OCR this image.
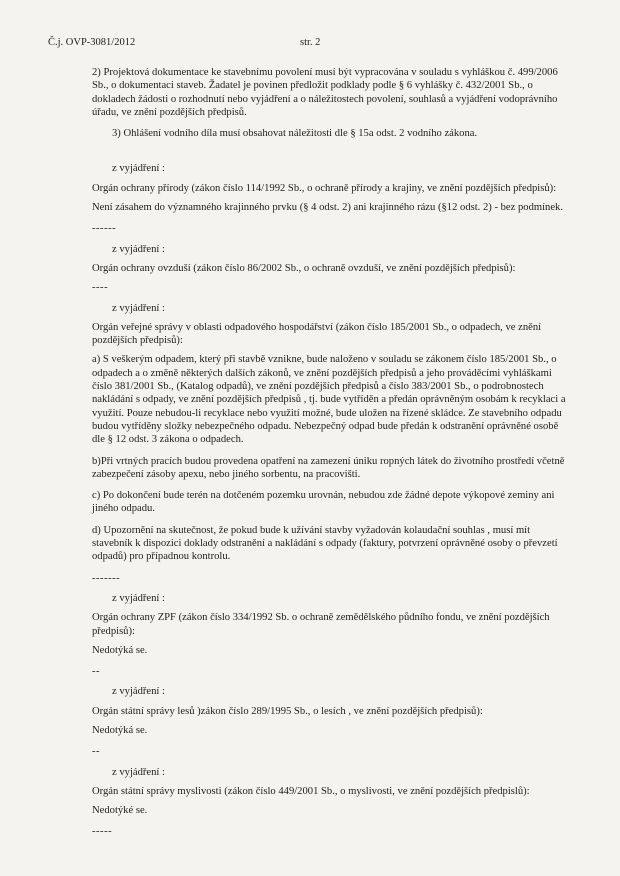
Č.j. OVP-3081/2012	str. 2

2) Projektová dokumentace ke stavebnímu povolení musí být vypracována v souladu s vyhláškou č. 499/2006 Sb., o dokumentaci staveb. Žadatel je povinen předložit podklady podle § 6 vyhlášky č. 432/2001 Sb., o dokladech žádosti o rozhodnutí nebo vyjádření a o náležitostech povolení, souhlasů a vyjádření vodoprávního úřadu, ve znění pozdějších předpisů.

3) Ohlášení vodního díla musí obsahovat náležitosti dle § 15a odst. 2 vodního zákona.

z vyjádření :
Orgán ochrany přírody (zákon číslo 114/1992 Sb., o ochraně přírody a krajiny, ve znění pozdějších předpisů):
Není zásahem do významného krajinného prvku (§ 4 odst. 2) ani krajinného rázu (§12 odst. 2) - bez podmínek.
------
z vyjádření :
Orgán ochrany ovzduší (zákon číslo 86/2002 Sb., o ochraně ovzduší, ve znění pozdějších předpisů):
----
z vyjádření :
Orgán veřejné správy v oblasti odpadového hospodářství (zákon číslo 185/2001 Sb., o odpadech, ve znění pozdějších předpisů):
a) S veškerým odpadem, který při stavbě vznikne, bude naloženo v souladu se zákonem číslo 185/2001 Sb., o odpadech a o změně některých dalších zákonů, ve znění pozdějších předpisů a jeho prováděcími vyhláškami číslo 381/2001 Sb., (Katalog odpadů), ve znění pozdějších předpisů a číslo 383/2001 Sb., o podrobnostech nakládání s odpady, ve znění pozdějších předpisů , tj. bude vytříděn a předán oprávněným osobám k recyklaci a využití. Pouze nebudou-li recyklace nebo využití možné, bude uložen na řízené skládce. Ze stavebního odpadu budou vytříděny složky nebezpečného odpadu. Nebezpečný odpad bude předán k odstranění oprávněné osobě dle § 12 odst. 3 zákona o odpadech.
b)Při vrtných pracích budou provedena opatření na zamezení úniku ropných látek do životního prostředí včetně zabezpečení zásoby apexu, nebo jiného sorbentu, na pracovišti.
c) Po dokončení bude terén na dotčeném pozemku urovnán, nebudou zde žádné depote výkopové zeminy ani jiného odpadu.
d) Upozornění na skutečnost, že pokud bude k užívání stavby vyžadován kolaudační souhlas , musí mít stavebník k dispozici doklady odstranění a nakládání s odpady (faktury, potvrzení oprávněné osoby o převzetí odpadů) pro případnou kontrolu.
-------
z vyjádření :
Orgán ochrany ZPF (zákon číslo 334/1992 Sb. o ochraně zemědělského půdního fondu, ve znění pozdějších předpisů):
Nedotýká se.
--
z vyjádření :
Orgán státní správy lesů )zákon číslo 289/1995 Sb., o lesích , ve znění pozdějších předpisů):
Nedotýká se.
--
z vyjádření :
Orgán státní správy myslivosti (zákon číslo 449/2001 Sb., o myslivosti, ve znění pozdějších předpislů):
Nedotýké se.
-----
